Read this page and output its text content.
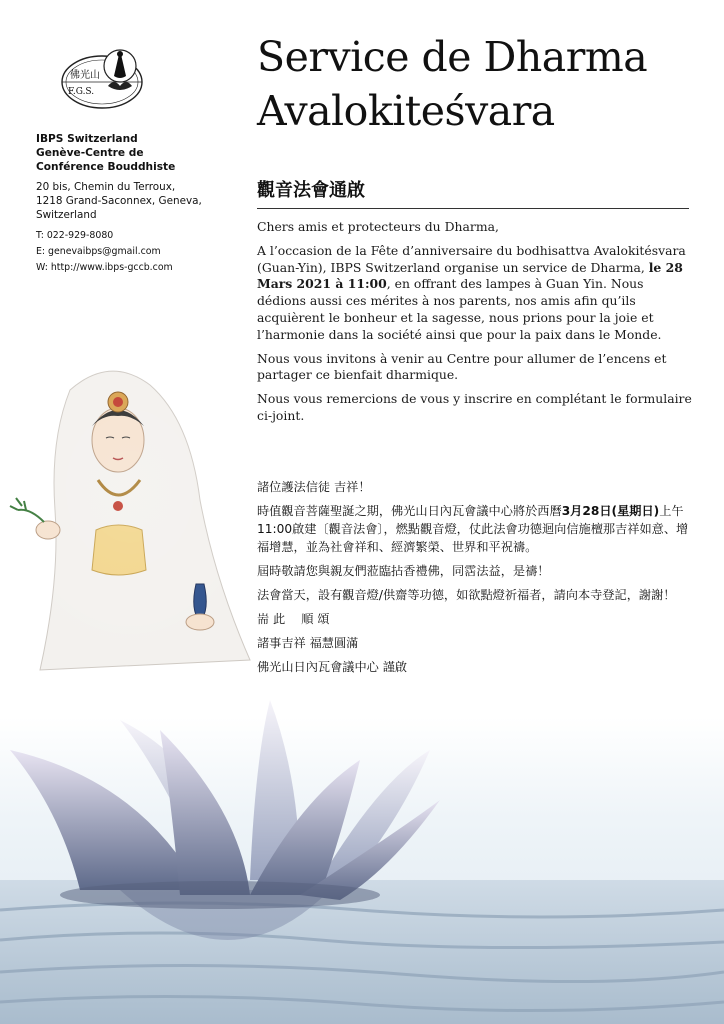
佛光山
F.G.S.
IBPS Switzerland
Genève-Centre de
Conférence Bouddhiste
20 bis, Chemin du Terroux,
1218 Grand-Saconnex, Geneva,
Switzerland
T: 022-929-8080
E: genevaibps@gmail.com
W: http://www.ibps-gccb.com
Service de Dharma
Avalokiteśvara
觀音法會通啟

Chers amis et protecteurs du Dharma,

A l’occasion de la Fête d’anniversaire du bodhisattva Avalokitésvara (Guan-Yin), IBPS Switzerland organise un service de Dharma, le 28 Mars 2021 à 11:00, en offrant des lampes à Guan Yin. Nous dédions aussi ces mérites à nos parents, nos amis afin qu’ils acquièrent le bonheur et la sagesse, nous prions pour la joie et l’harmonie dans la société ainsi que pour la paix dans le Monde.

Nous vous invitons à venir au Centre pour allumer de l’encens et partager ce bienfait dharmique.

Nous vous remercions de vous y inscrire en complétant le formulaire ci-joint.

諸位護法信徒 吉祥！

時值觀音菩薩聖誕之期，佛光山日內瓦會議中心將於西曆3月28日(星期日)上午11:00啟建〔觀音法會〕，燃點觀音燈，仗此法會功德迴向信施檀那吉祥如意、增福增慧，並為社會祥和、經濟繁榮、世界和平祝禱。

屆時敬請您與親友們蒞臨拈香禮佛，同霑法益，是禱！

法會當天，設有觀音燈/供齋等功德，如欲點燈祈福者，請向本寺登記，謝謝！

耑 此　 順 頌

諸事吉祥 福慧圓滿

佛光山日內瓦會議中心 謹啟
